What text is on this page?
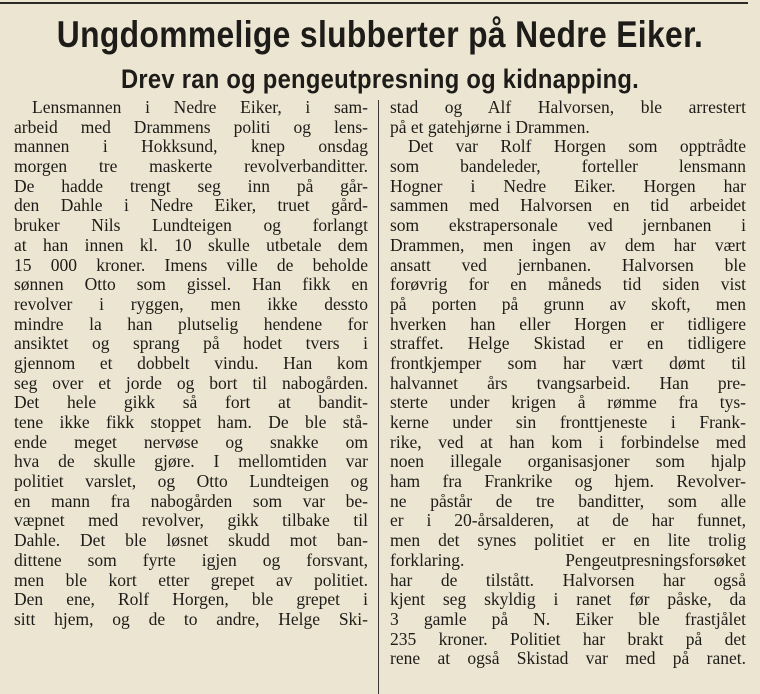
Ungdommelige slubberter på Nedre Eiker.
Drev ran og pengeutpresning og kidnapping.
Lensmannen i Nedre Eiker, i sam-
arbeid med Drammens politi og lens-
mannen i Hokksund, knep onsdag
morgen tre maskerte revolverbanditter.
De hadde trengt seg inn på går-
den Dahle i Nedre Eiker, truet gård-
bruker Nils Lundteigen og forlangt
at han innen kl. 10 skulle utbetale dem
15 000 kroner. Imens ville de beholde
sønnen Otto som gissel. Han fikk en
revolver i ryggen, men ikke dessto
mindre la han plutselig hendene for
ansiktet og sprang på hodet tvers i
gjennom et dobbelt vindu. Han kom
seg over et jorde og bort til nabogården.
Det hele gikk så fort at bandit-
tene ikke fikk stoppet ham. De ble stå-
ende meget nervøse og snakke om
hva de skulle gjøre. I mellomtiden var
politiet varslet, og Otto Lundteigen og
en mann fra nabogården som var be-
væpnet med revolver, gikk tilbake til
Dahle. Det ble løsnet skudd mot ban-
dittene som fyrte igjen og forsvant,
men ble kort etter grepet av politiet.
Den ene, Rolf Horgen, ble grepet i
sitt hjem, og de to andre, Helge Ski-
stad og Alf Halvorsen, ble arrestert
på et gatehjørne i Drammen.
Det var Rolf Horgen som opptrådte
som bandeleder, forteller lensmann
Hogner i Nedre Eiker. Horgen har
sammen med Halvorsen en tid arbeidet
som ekstrapersonale ved jernbanen i
Drammen, men ingen av dem har vært
ansatt ved jernbanen. Halvorsen ble
forøvrig for en måneds tid siden vist
på porten på grunn av skoft, men
hverken han eller Horgen er tidligere
straffet. Helge Skistad er en tidligere
frontkjemper som har vært dømt til
halvannet års tvangsarbeid. Han pre-
sterte under krigen å rømme fra tys-
kerne under sin fronttjeneste i Frank-
rike, ved at han kom i forbindelse med
noen illegale organisasjoner som hjalp
ham fra Frankrike og hjem. Revolver-
ne påstår de tre banditter, som alle
er i 20-årsalderen, at de har funnet,
men det synes politiet er en lite trolig
forklaring. Pengeutpresningsforsøket
har de tilstått. Halvorsen har også
kjent seg skyldig i ranet før påske, da
3 gamle på N. Eiker ble frastjålet
235 kroner. Politiet har brakt på det
rene at også Skistad var med på ranet.
